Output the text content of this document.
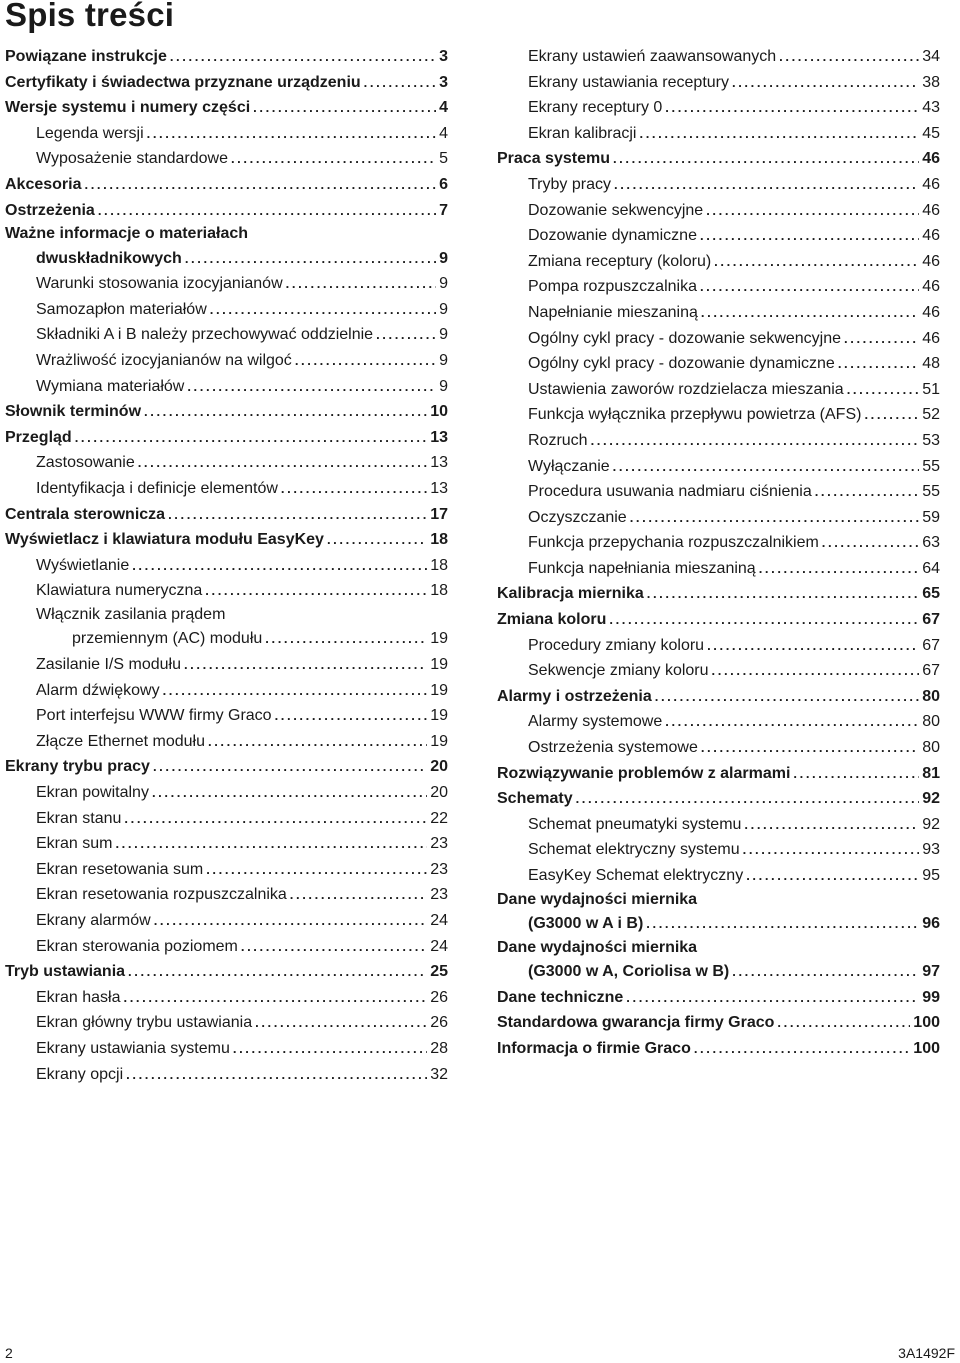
Spis treści
Powiązane instrukcje .....	3
Certyfikaty i świadectwa przyznane urządzeniu .....	3
Wersje systemu i numery części .....	4
Legenda wersji .....	4
Wyposażenie standardowe .....	5
Akcesoria .....	6
Ostrzeżenia .....	7
Ważne informacje o materiałach
dwuskładnikowych .....	9
Warunki stosowania izocyjanianów .....	9
Samozapłon materiałów .....	9
Składniki A i B należy przechowywać oddzielnie .....	9
Wrażliwość izocyjanianów na wilgoć .....	9
Wymiana materiałów .....	9
Słownik terminów .....	10
Przegląd .....	13
Zastosowanie .....	13
Identyfikacja i definicje elementów .....	13
Centrala sterownicza .....	17
Wyświetlacz i klawiatura modułu EasyKey .....	18
Wyświetlanie .....	18
Klawiatura numeryczna .....	18
Włącznik zasilania prądem
przemiennym (AC) modułu .....	19
Zasilanie I/S modułu .....	19
Alarm dźwiękowy .....	19
Port interfejsu WWW firmy Graco .....	19
Złącze Ethernet modułu .....	19
Ekrany trybu pracy .....	20
Ekran powitalny .....	20
Ekran stanu .....	22
Ekran sum .....	23
Ekran resetowania sum .....	23
Ekran resetowania rozpuszczalnika .....	23
Ekrany alarmów .....	24
Ekran sterowania poziomem .....	24
Tryb ustawiania .....	25
Ekran hasła .....	26
Ekran główny trybu ustawiania .....	26
Ekrany ustawiania systemu .....	28
Ekrany opcji .....	32
Ekrany ustawień zaawansowanych .....	34
Ekrany ustawiania receptury .....	38
Ekrany receptury 0 .....	43
Ekran kalibracji .....	45
Praca systemu .....	46
Tryby pracy .....	46
Dozowanie sekwencyjne .....	46
Dozowanie dynamiczne .....	46
Zmiana receptury (koloru) .....	46
Pompa rozpuszczalnika .....	46
Napełnianie mieszaniną .....	46
Ogólny cykl pracy - dozowanie sekwencyjne .....	46
Ogólny cykl pracy - dozowanie dynamiczne .....	48
Ustawienia zaworów rozdzielacza mieszania .....	51
Funkcja wyłącznika przepływu powietrza (AFS) .....	52
Rozruch .....	53
Wyłączanie .....	55
Procedura usuwania nadmiaru ciśnienia .....	55
Oczyszczanie .....	59
Funkcja przepychania rozpuszczalnikiem .....	63
Funkcja napełniania mieszaniną .....	64
Kalibracja miernika .....	65
Zmiana koloru .....	67
Procedury zmiany koloru .....	67
Sekwencje zmiany koloru .....	67
Alarmy i ostrzeżenia .....	80
Alarmy systemowe .....	80
Ostrzeżenia systemowe .....	80
Rozwiązywanie problemów z alarmami .....	81
Schematy .....	92
Schemat pneumatyki systemu .....	92
Schemat elektryczny systemu .....	93
EasyKey Schemat elektryczny .....	95
Dane wydajności miernika
(G3000 w A i B) .....	96
Dane wydajności miernika
(G3000 w A, Coriolisa w B) .....	97
Dane techniczne .....	99
Standardowa gwarancja firmy Graco .....	100
Informacja o firmie Graco .....	100
2	3A1492F
